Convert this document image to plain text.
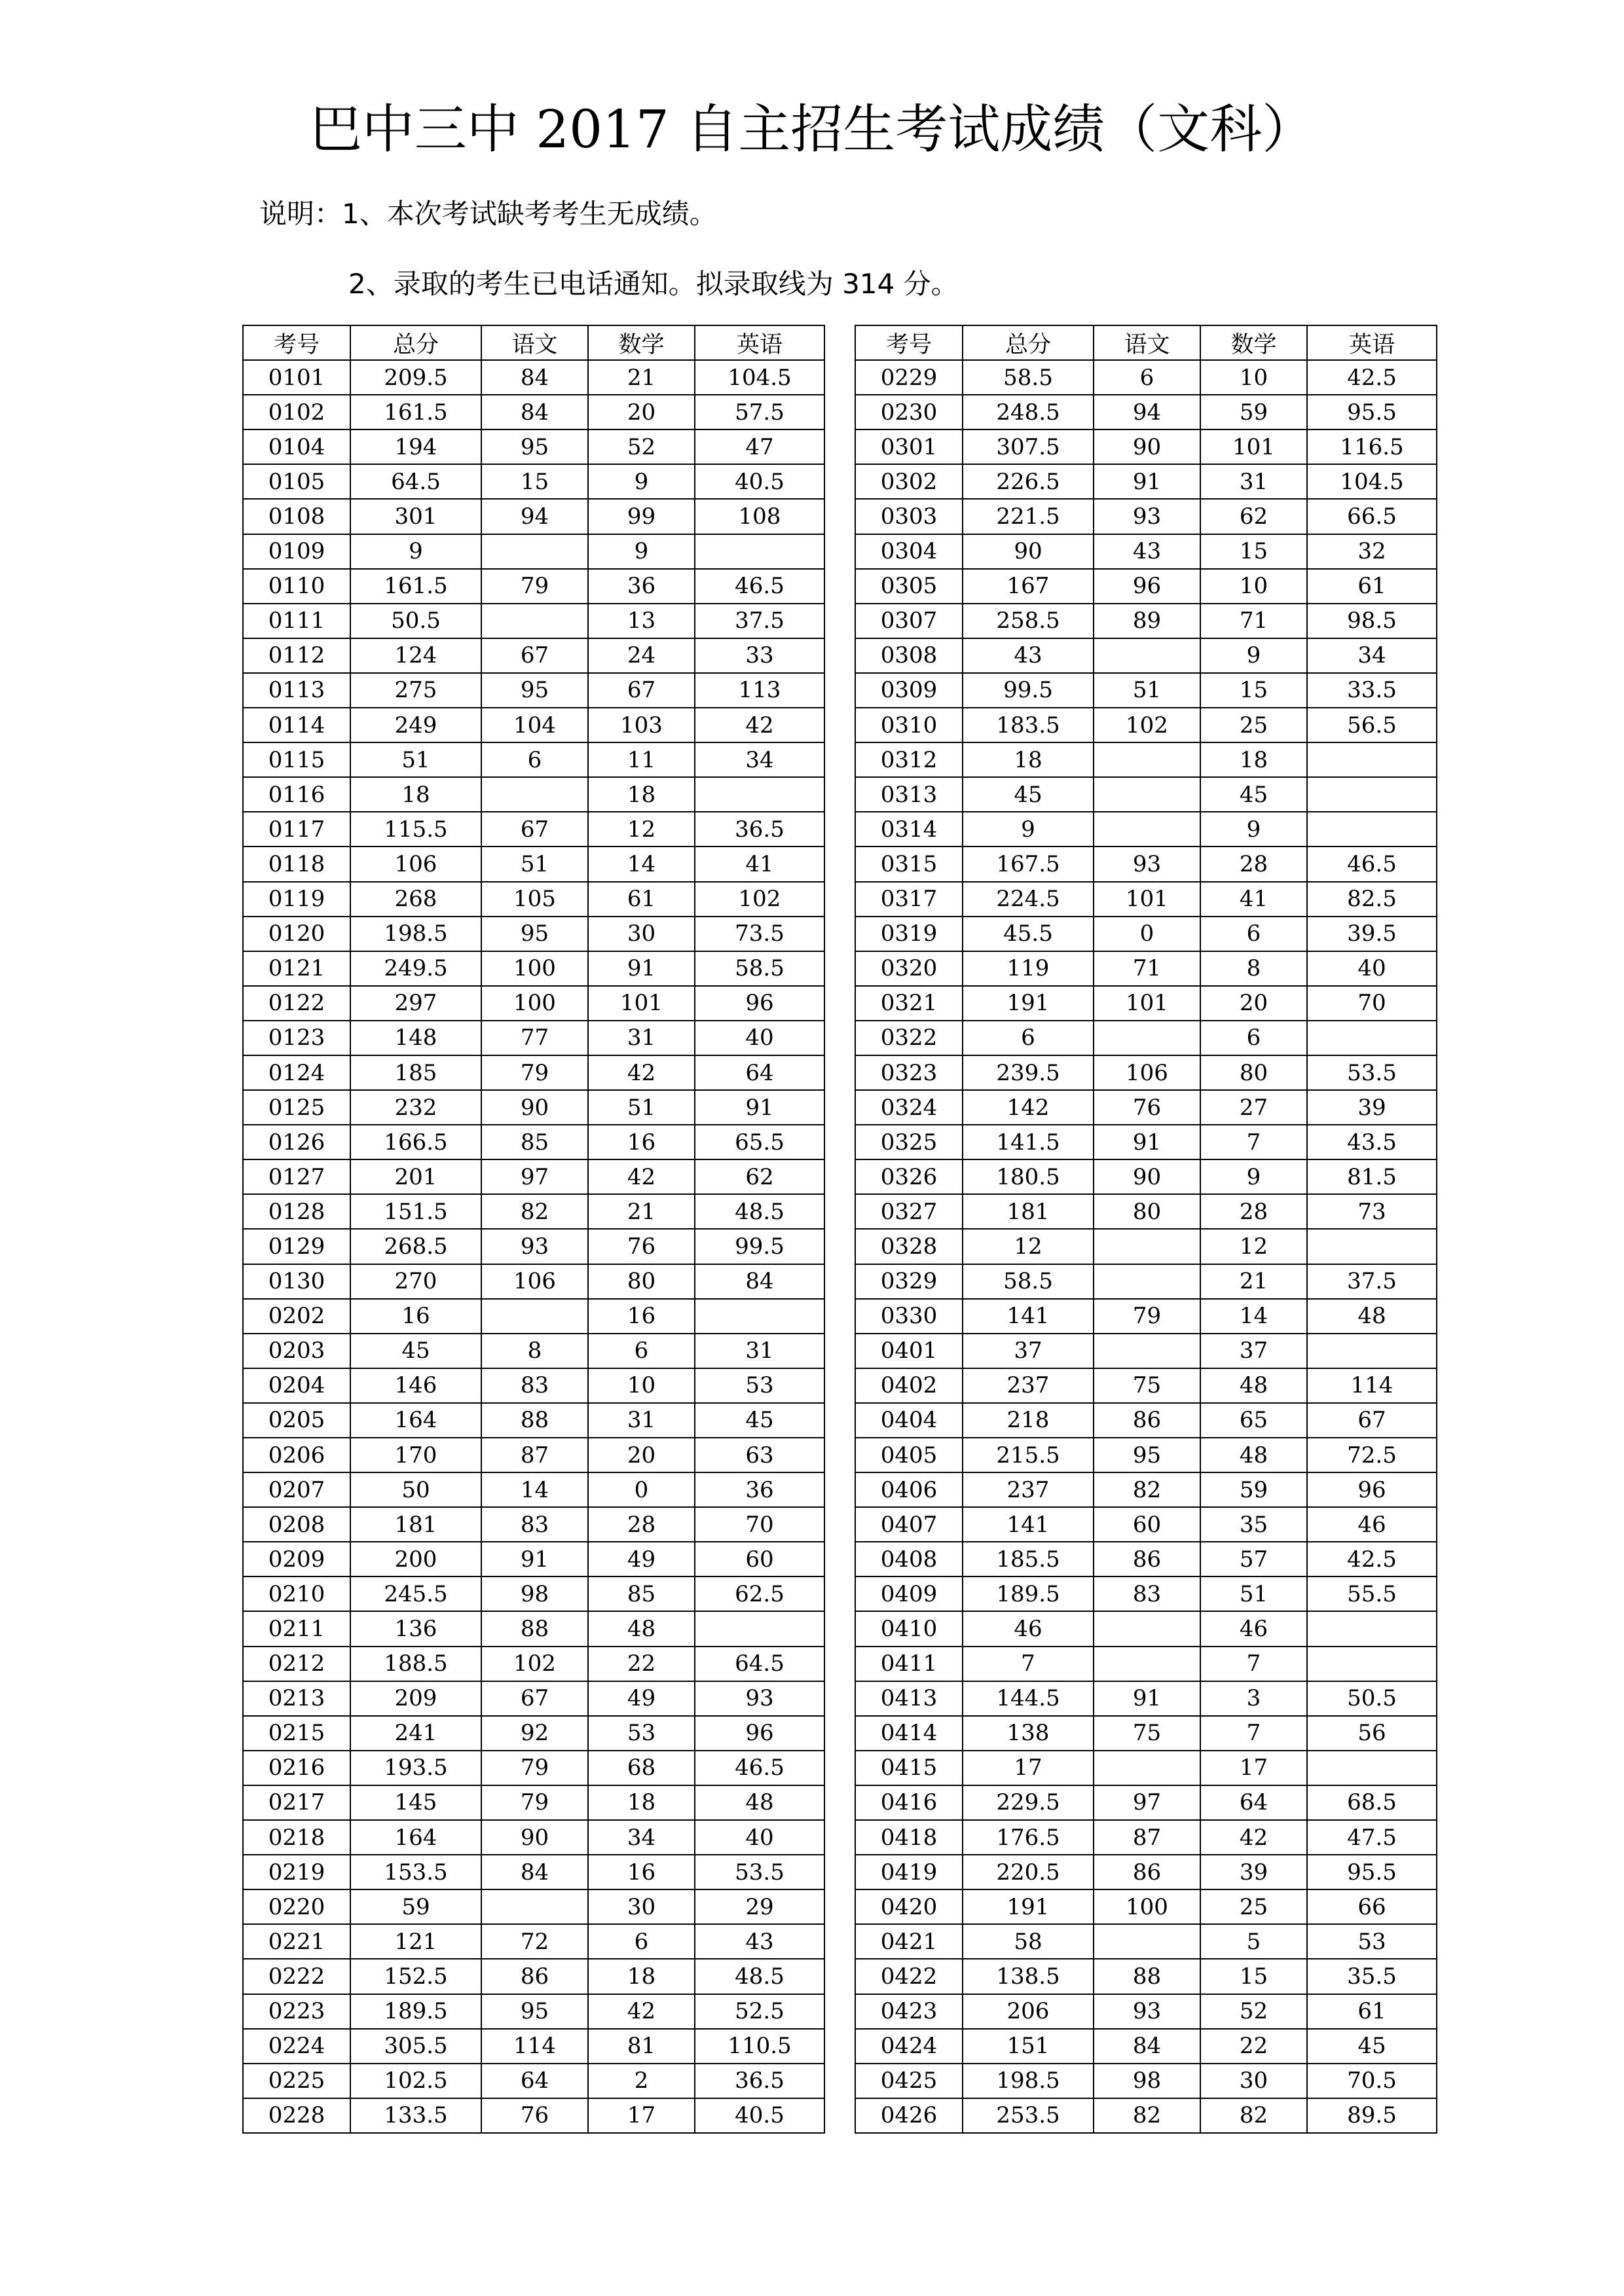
巴中三中 2017 自主招生考试成绩（文科）
说明：1、本次考试缺考考生无成绩。
2、录取的考生已电话通知。拟录取线为 314 分。
考号	总分	语文	数学	英语
0101	209.5	84	21	104.5
0102	161.5	84	20	57.5
0104	194	95	52	47
0105	64.5	15	9	40.5
0108	301	94	99	108
0109	9		9	
0110	161.5	79	36	46.5
0111	50.5		13	37.5
0112	124	67	24	33
0113	275	95	67	113
0114	249	104	103	42
0115	51	6	11	34
0116	18		18	
0117	115.5	67	12	36.5
0118	106	51	14	41
0119	268	105	61	102
0120	198.5	95	30	73.5
0121	249.5	100	91	58.5
0122	297	100	101	96
0123	148	77	31	40
0124	185	79	42	64
0125	232	90	51	91
0126	166.5	85	16	65.5
0127	201	97	42	62
0128	151.5	82	21	48.5
0129	268.5	93	76	99.5
0130	270	106	80	84
0202	16		16	
0203	45	8	6	31
0204	146	83	10	53
0205	164	88	31	45
0206	170	87	20	63
0207	50	14	0	36
0208	181	83	28	70
0209	200	91	49	60
0210	245.5	98	85	62.5
0211	136	88	48	
0212	188.5	102	22	64.5
0213	209	67	49	93
0215	241	92	53	96
0216	193.5	79	68	46.5
0217	145	79	18	48
0218	164	90	34	40
0219	153.5	84	16	53.5
0220	59		30	29
0221	121	72	6	43
0222	152.5	86	18	48.5
0223	189.5	95	42	52.5
0224	305.5	114	81	110.5
0225	102.5	64	2	36.5
0228	133.5	76	17	40.5
考号	总分	语文	数学	英语
0229	58.5	6	10	42.5
0230	248.5	94	59	95.5
0301	307.5	90	101	116.5
0302	226.5	91	31	104.5
0303	221.5	93	62	66.5
0304	90	43	15	32
0305	167	96	10	61
0307	258.5	89	71	98.5
0308	43		9	34
0309	99.5	51	15	33.5
0310	183.5	102	25	56.5
0312	18		18	
0313	45		45	
0314	9		9	
0315	167.5	93	28	46.5
0317	224.5	101	41	82.5
0319	45.5	0	6	39.5
0320	119	71	8	40
0321	191	101	20	70
0322	6		6	
0323	239.5	106	80	53.5
0324	142	76	27	39
0325	141.5	91	7	43.5
0326	180.5	90	9	81.5
0327	181	80	28	73
0328	12		12	
0329	58.5		21	37.5
0330	141	79	14	48
0401	37		37	
0402	237	75	48	114
0404	218	86	65	67
0405	215.5	95	48	72.5
0406	237	82	59	96
0407	141	60	35	46
0408	185.5	86	57	42.5
0409	189.5	83	51	55.5
0410	46		46	
0411	7		7	
0413	144.5	91	3	50.5
0414	138	75	7	56
0415	17		17	
0416	229.5	97	64	68.5
0418	176.5	87	42	47.5
0419	220.5	86	39	95.5
0420	191	100	25	66
0421	58		5	53
0422	138.5	88	15	35.5
0423	206	93	52	61
0424	151	84	22	45
0425	198.5	98	30	70.5
0426	253.5	82	82	89.5
